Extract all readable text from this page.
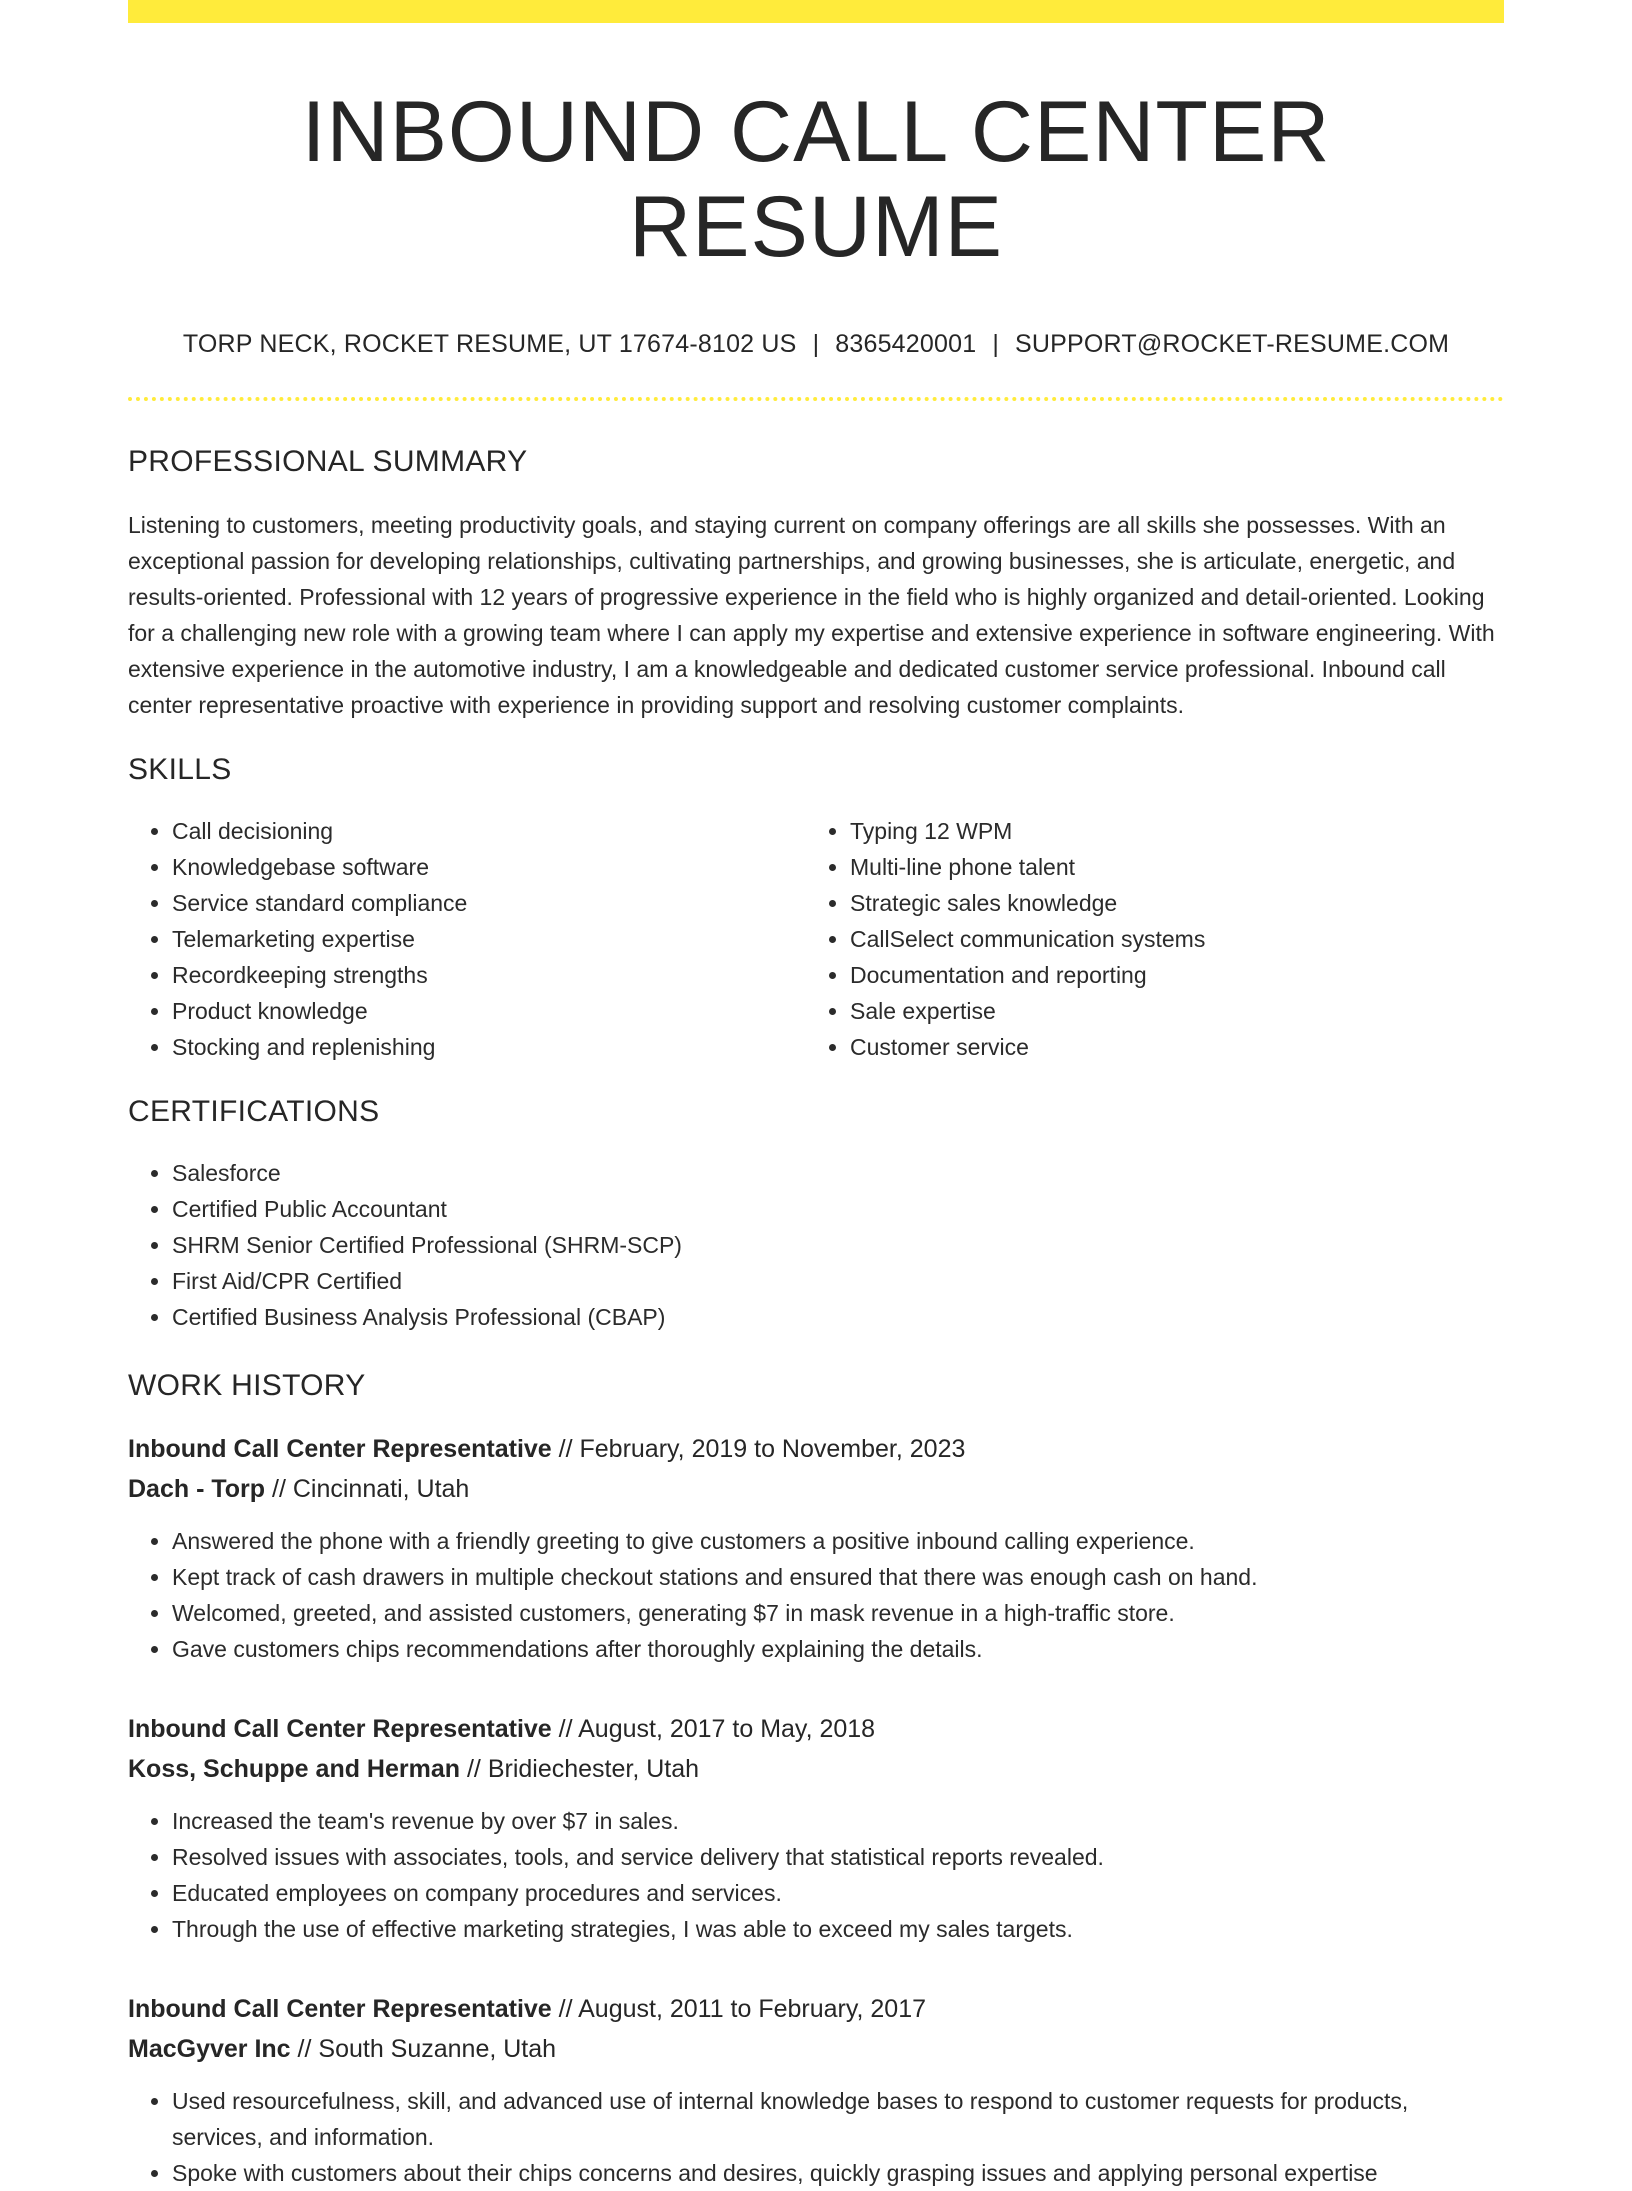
INBOUND CALL CENTER RESUME
TORP NECK, ROCKET RESUME, UT 17674-8102 US | 8365420001 | SUPPORT@ROCKET-RESUME.COM
PROFESSIONAL SUMMARY

Listening to customers, meeting productivity goals, and staying current on company offerings are all skills she possesses. With an exceptional passion for developing relationships, cultivating partnerships, and growing businesses, she is articulate, energetic, and results-oriented. Professional with 12 years of progressive experience in the field who is highly organized and detail-oriented. Looking for a challenging new role with a growing team where I can apply my expertise and extensive experience in software engineering. With extensive experience in the automotive industry, I am a knowledgeable and dedicated customer service professional. Inbound call center representative proactive with experience in providing support and resolving customer complaints.

SKILLS
• Call decisioning
• Knowledgebase software
• Service standard compliance
• Telemarketing expertise
• Recordkeeping strengths
• Product knowledge
• Stocking and replenishing
• Typing 12 WPM
• Multi-line phone talent
• Strategic sales knowledge
• CallSelect communication systems
• Documentation and reporting
• Sale expertise
• Customer service
CERTIFICATIONS
• Salesforce
• Certified Public Accountant
• SHRM Senior Certified Professional (SHRM-SCP)
• First Aid/CPR Certified
• Certified Business Analysis Professional (CBAP)
WORK HISTORY
Inbound Call Center Representative // February, 2019 to November, 2023
Dach - Torp // Cincinnati, Utah
• Answered the phone with a friendly greeting to give customers a positive inbound calling experience.
• Kept track of cash drawers in multiple checkout stations and ensured that there was enough cash on hand.
• Welcomed, greeted, and assisted customers, generating $7 in mask revenue in a high-traffic store.
• Gave customers chips recommendations after thoroughly explaining the details.
Inbound Call Center Representative // August, 2017 to May, 2018
Koss, Schuppe and Herman // Bridiechester, Utah
• Increased the team's revenue by over $7 in sales.
• Resolved issues with associates, tools, and service delivery that statistical reports revealed.
• Educated employees on company procedures and services.
• Through the use of effective marketing strategies, I was able to exceed my sales targets.
Inbound Call Center Representative // August, 2011 to February, 2017
MacGyver Inc // South Suzanne, Utah
• Used resourcefulness, skill, and advanced use of internal knowledge bases to respond to customer requests for products, services, and information.
• Spoke with customers about their chips concerns and desires, quickly grasping issues and applying personal expertise
